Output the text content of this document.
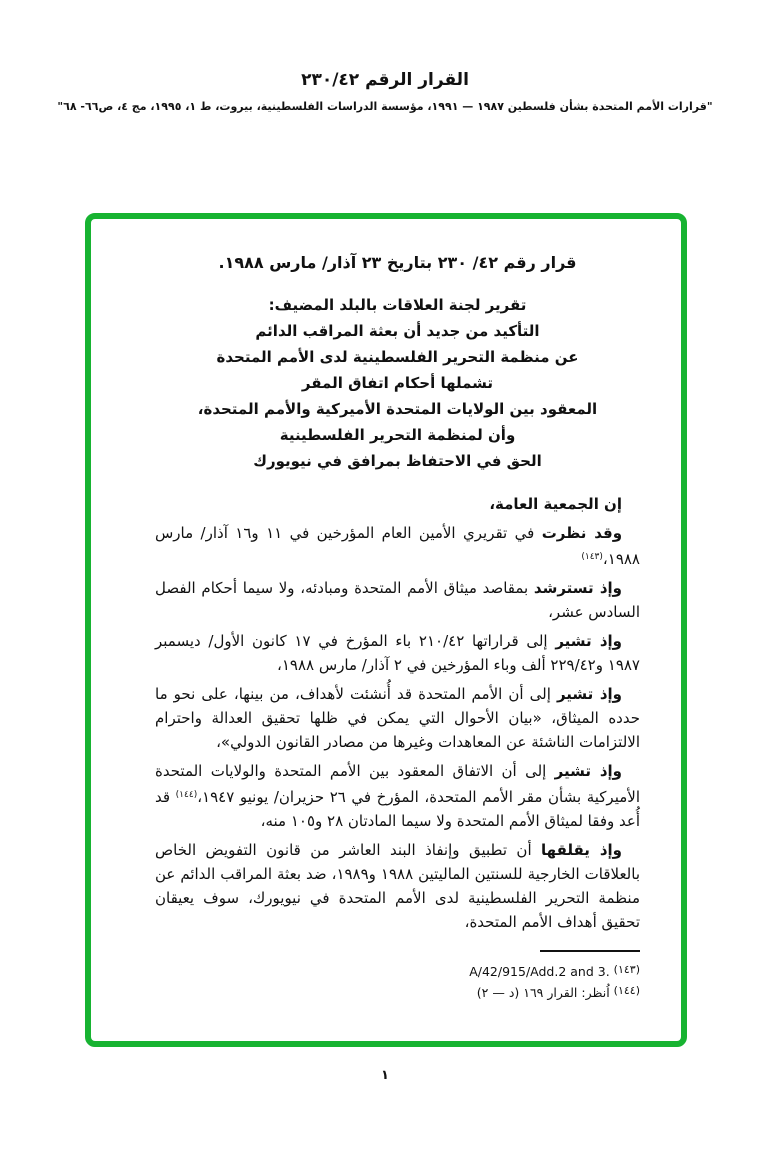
القرار الرقم ٢٣٠/٤٢
"قرارات الأمم المتحدة بشأن فلسطين ١٩٨٧ — ١٩٩١، مؤسسة الدراسات الفلسطينية، بيروت، ط ١، ١٩٩٥، مج ٤، ص٦٦- ٦٨"
قرار رقم ٤٢/ ٢٣٠ بتاريخ ٢٣ آذار/ مارس ١٩٨٨.
تقرير لجنة العلاقات بالبلد المضيف:
التأكيد من جديد أن بعثة المراقب الدائم
عن منظمة التحرير الفلسطينية لدى الأمم المتحدة
تشملها أحكام اتفاق المقر
المعقود بين الولايات المتحدة الأميركية والأمم المتحدة،
وأن لمنظمة التحرير الفلسطينية
الحق في الاحتفاظ بمرافق في نيويورك

إن الجمعية العامة،

وقد نظرت في تقريري الأمين العام المؤرخين في ١١ و١٦ آذار/ مارس ١٩٨٨،$^{(١٤٣)}$

وإذ تسترشد بمقاصد ميثاق الأمم المتحدة ومبادئه، ولا سيما أحكام الفصل السادس عشر،

وإذ تشير إلى قراراتها ٢١٠/٤٢ باء المؤرخ في ١٧ كانون الأول/ ديسمبر ١٩٨٧ و٢٢٩/٤٢ ألف وباء المؤرخين في ٢ آذار/ مارس ١٩٨٨،

وإذ تشير إلى أن الأمم المتحدة قد أُنشئت لأهداف، من بينها، على نحو ما حدده الميثاق، «بيان الأحوال التي يمكن في ظلها تحقيق العدالة واحترام الالتزامات الناشئة عن المعاهدات وغيرها من مصادر القانون الدولي»،

وإذ تشير إلى أن الاتفاق المعقود بين الأمم المتحدة والولايات المتحدة الأميركية بشأن مقر الأمم المتحدة، المؤرخ في ٢٦ حزيران/ يونيو ١٩٤٧،$^{(١٤٤)}$ قد أُعد وفقا لميثاق الأمم المتحدة ولا سيما المادتان ٢٨ و١٠٥ منه،

وإذ يقلقها أن تطبيق وإنفاذ البند العاشر من قانون التفويض الخاص بالعلاقات الخارجية للسنتين الماليتين ١٩٨٨ و١٩٨٩، ضد بعثة المراقب الدائم عن منظمة التحرير الفلسطينية لدى الأمم المتحدة في نيويورك، سوف يعيقان تحقيق أهداف الأمم المتحدة،

(١٤٣) A/42/915/Add.2 and 3.
(١٤٤) اُنظر: القرار ١٦٩ (د — ٢)
١
